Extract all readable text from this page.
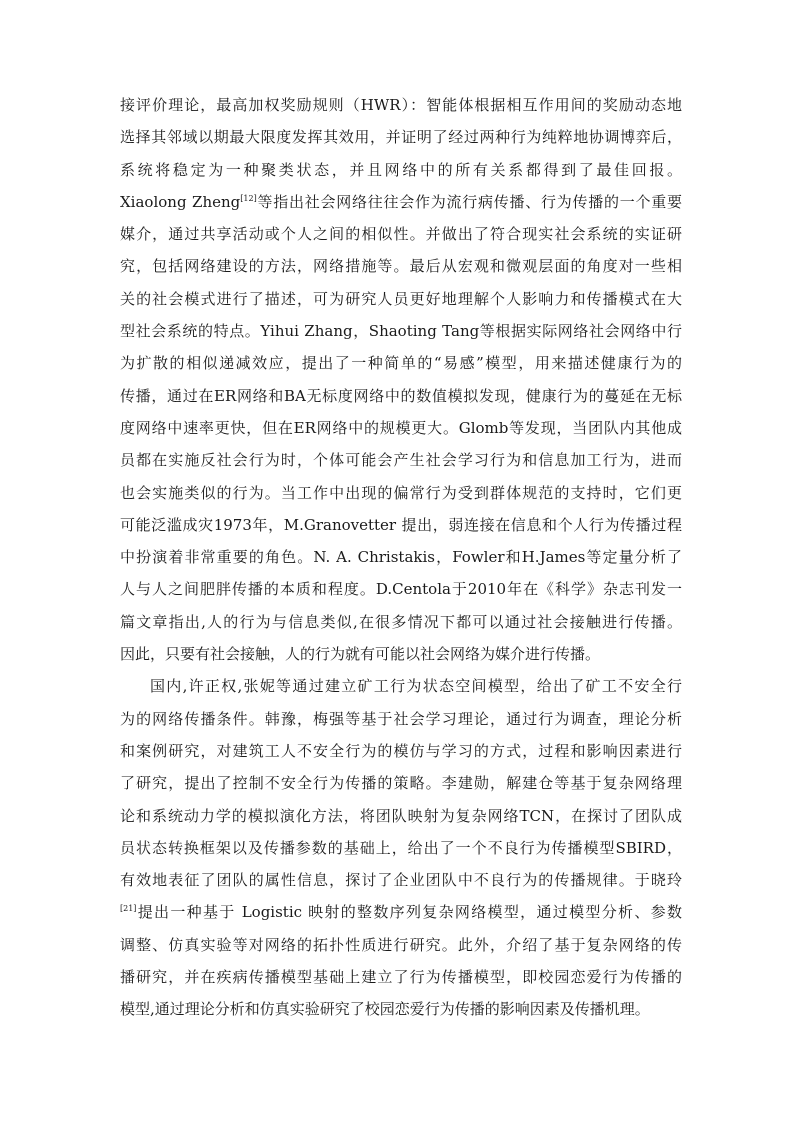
接评价理论，最高加权奖励规则（HWR）：智能体根据相互作用间的奖励动态地
选择其邻域以期最大限度发挥其效用，并证明了经过两种行为纯粹地协调博弈后，
系统将稳定为一种聚类状态，并且网络中的所有关系都得到了最佳回报。
Xiaolong Zheng[12]等指出社会网络往往会作为流行病传播、行为传播的一个重要
媒介，通过共享活动或个人之间的相似性。并做出了符合现实社会系统的实证研
究，包括网络建设的方法，网络措施等。最后从宏观和微观层面的角度对一些相
关的社会模式进行了描述，可为研究人员更好地理解个人影响力和传播模式在大
型社会系统的特点。Yihui Zhang，Shaoting Tang等根据实际网络社会网络中行
为扩散的相似递减效应，提出了一种简单的“易感”模型，用来描述健康行为的
传播，通过在ER网络和BA无标度网络中的数值模拟发现，健康行为的蔓延在无标
度网络中速率更快，但在ER网络中的规模更大。Glomb等发现，当团队内其他成
员都在实施反社会行为时，个体可能会产生社会学习行为和信息加工行为，进而
也会实施类似的行为。当工作中出现的偏常行为受到群体规范的支持时，它们更
可能泛滥成灾1973年，M.Granovetter 提出，弱连接在信息和个人行为传播过程
中扮演着非常重要的角色。N. A. Christakis，Fowler和H.James等定量分析了
人与人之间肥胖传播的本质和程度。D.Centola于2010年在《科学》杂志刊发一
篇文章指出,人的行为与信息类似,在很多情况下都可以通过社会接触进行传播。
因此，只要有社会接触，人的行为就有可能以社会网络为媒介进行传播。
国内,许正权,张妮等通过建立矿工行为状态空间模型，给出了矿工不安全行
为的网络传播条件。韩豫，梅强等基于社会学习理论，通过行为调查，理论分析
和案例研究，对建筑工人不安全行为的模仿与学习的方式，过程和影响因素进行
了研究，提出了控制不安全行为传播的策略。李建勋，解建仓等基于复杂网络理
论和系统动力学的模拟演化方法，将团队映射为复杂网络TCN，在探讨了团队成
员状态转换框架以及传播参数的基础上，给出了一个不良行为传播模型SBIRD，
有效地表征了团队的属性信息，探讨了企业团队中不良行为的传播规律。于晓玲
[21]提出一种基于 Logistic 映射的整数序列复杂网络模型，通过模型分析、参数
调整、仿真实验等对网络的拓扑性质进行研究。此外，介绍了基于复杂网络的传
播研究，并在疾病传播模型基础上建立了行为传播模型，即校园恋爱行为传播的
模型,通过理论分析和仿真实验研究了校园恋爱行为传播的影响因素及传播机理。
